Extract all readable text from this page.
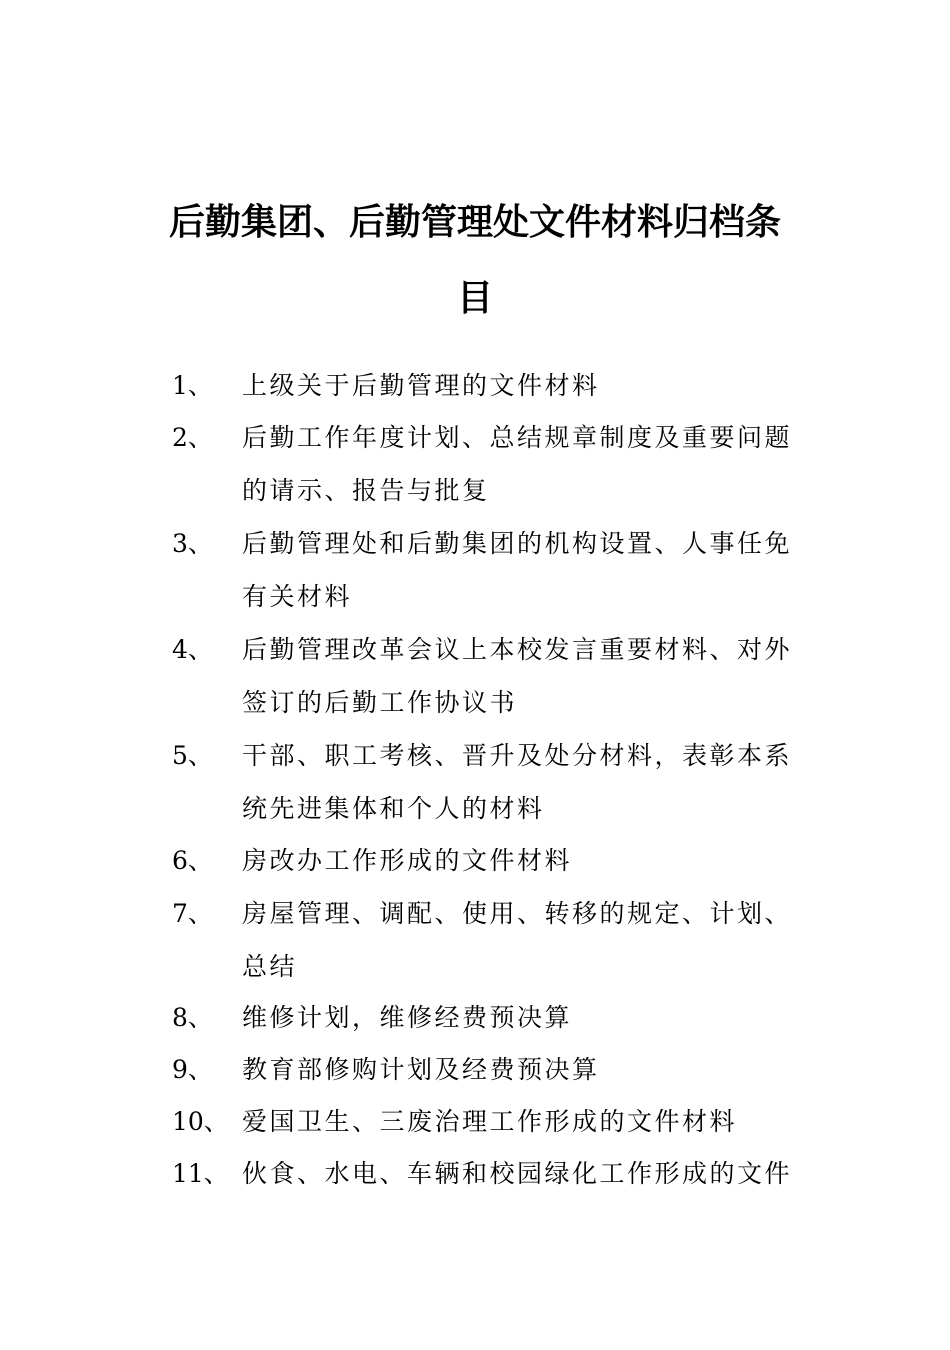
后勤集团、后勤管理处文件材料归档条
目
1、 上级关于后勤管理的文件材料
2、 后勤工作年度计划、总结规章制度及重要问题
的请示、报告与批复
3、 后勤管理处和后勤集团的机构设置、人事任免
有关材料
4、 后勤管理改革会议上本校发言重要材料、对外
签订的后勤工作协议书
5、 干部、职工考核、晋升及处分材料，表彰本系
统先进集体和个人的材料
6、 房改办工作形成的文件材料
7、 房屋管理、调配、使用、转移的规定、计划、
总结
8、 维修计划，维修经费预决算
9、 教育部修购计划及经费预决算
10、 爱国卫生、三废治理工作形成的文件材料
11、 伙食、水电、车辆和校园绿化工作形成的文件
